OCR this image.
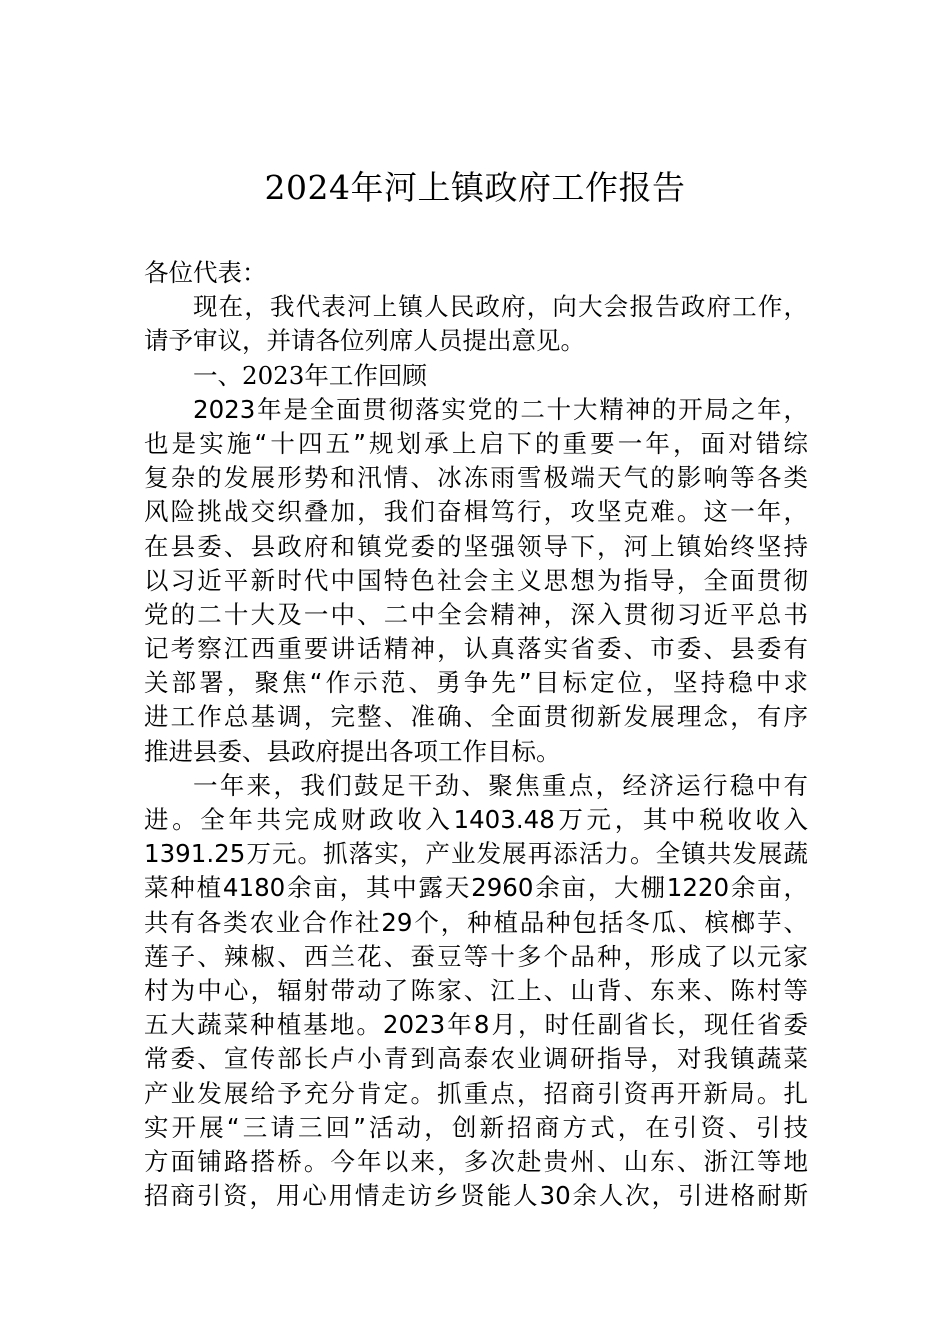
2024年河上镇政府工作报告
各位代表：
现在，我代表河上镇人民政府，向大会报告政府工作，
请予审议，并请各位列席人员提出意见。
一、2023年工作回顾
2023年是全面贯彻落实党的二十大精神的开局之年，
也是实施“十四五”规划承上启下的重要一年，面对错综
复杂的发展形势和汛情、冰冻雨雪极端天气的影响等各类
风险挑战交织叠加，我们奋楫笃行，攻坚克难。这一年，
在县委、县政府和镇党委的坚强领导下，河上镇始终坚持
以习近平新时代中国特色社会主义思想为指导，全面贯彻
党的二十大及一中、二中全会精神，深入贯彻习近平总书
记考察江西重要讲话精神，认真落实省委、市委、县委有
关部署，聚焦“作示范、勇争先”目标定位，坚持稳中求
进工作总基调，完整、准确、全面贯彻新发展理念，有序
推进县委、县政府提出各项工作目标。
一年来，我们鼓足干劲、聚焦重点，经济运行稳中有
进。全年共完成财政收入1403.48万元，其中税收收入
1391.25万元。抓落实，产业发展再添活力。全镇共发展蔬
菜种植4180余亩，其中露天2960余亩，大棚1220余亩，
共有各类农业合作社29个，种植品种包括冬瓜、槟榔芋、
莲子、辣椒、西兰花、蚕豆等十多个品种，形成了以元家
村为中心，辐射带动了陈家、江上、山背、东来、陈村等
五大蔬菜种植基地。2023年8月，时任副省长，现任省委
常委、宣传部长卢小青到高泰农业调研指导，对我镇蔬菜
产业发展给予充分肯定。抓重点，招商引资再开新局。扎
实开展“三请三回”活动，创新招商方式，在引资、引技
方面铺路搭桥。今年以来，多次赴贵州、山东、浙江等地
招商引资，用心用情走访乡贤能人30余人次，引进格耐斯
